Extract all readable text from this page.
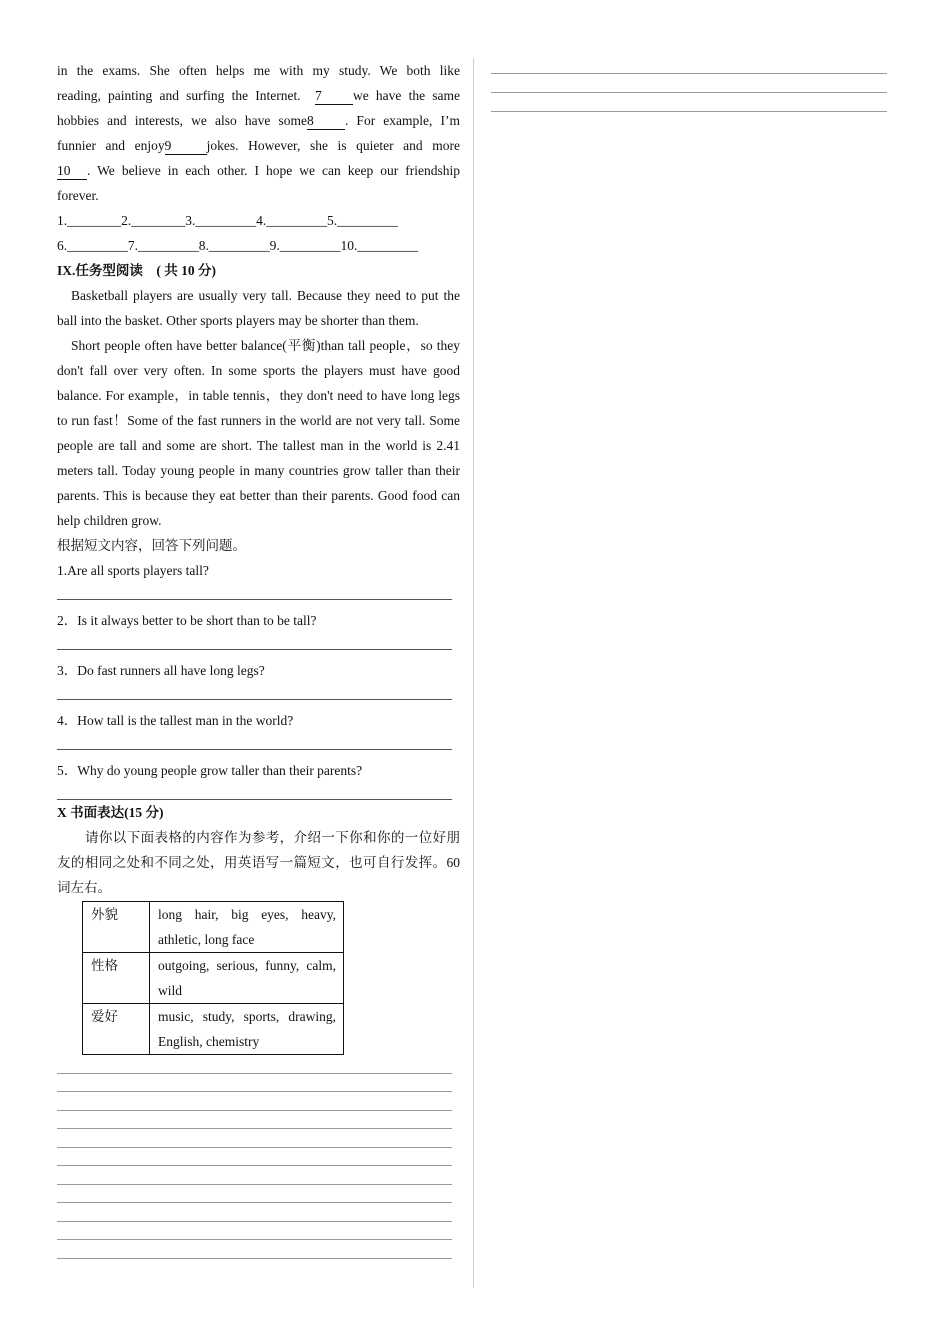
in the exams. She often helps me with my study. We both like

reading, painting and surfing the Internet. 7 we have the same

hobbies and interests, we also have some8 . For example, I’m

funnier and enjoy9	jokes. However, she is quieter and more

10 . We believe in each other. I hope we can keep our friendship

forever.

1.________2.________3._________4._________5._________

6._________7._________8._________9._________10._________

IX.任务型阅读　( 共 10 分)

Basketball players are usually very tall. Because they need to put the ball into the basket. Other sports players may be shorter than them.

Short people often have better balance(平衡)than tall people，so they don't fall over very often. In some sports the players must have good balance. For example，in table tennis，they don't need to have long legs to run fast！Some of the fast runners in the world are not very tall. Some people are tall and some are short. The tallest man in the world is 2.41 meters tall. Today young people in many countries grow taller than their parents. This is because they eat better than their parents. Good food can help children grow.

根据短文内容，回答下列问题。

1.Are all sports players tall?

2．Is it always better to be short than to be tall?

3．Do fast runners all have long legs?

4．How tall is the tallest man in the world?

5．Why do young people grow taller than their parents?

X 书面表达(15 分)

请你以下面表格的内容作为参考，介绍一下你和你的一位好朋友的相同之处和不同之处，用英语写一篇短文，也可自行发挥。60 词左右。

外貌	long hair, big eyes, heavy, athletic, long face
性格	outgoing, serious, funny, calm, wild
爱好	music, study, sports, drawing, English, chemistry
